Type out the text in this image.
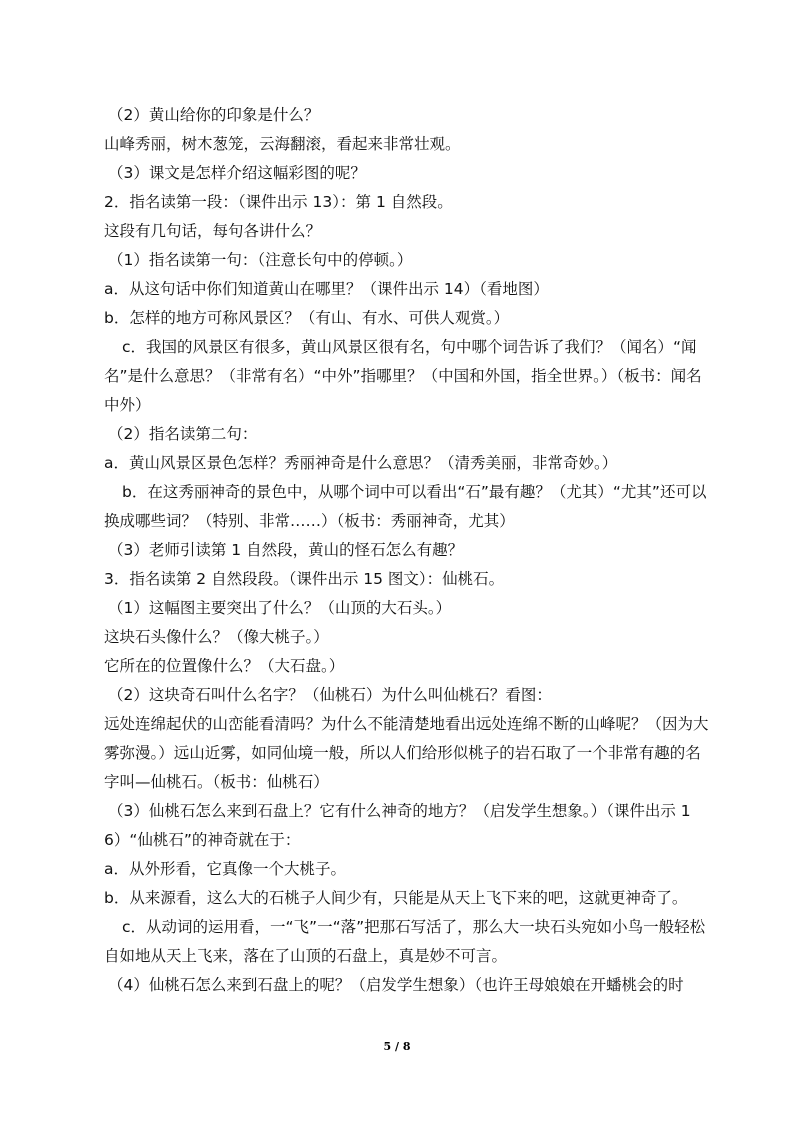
（2）黄山给你的印象是什么？

山峰秀丽，树木葱笼，云海翻滚，看起来非常壮观。

（3）课文是怎样介绍这幅彩图的呢？

2．指名读第一段：（课件出示 13）：第 1 自然段。

这段有几句话，每句各讲什么？

（1）指名读第一句：（注意长句中的停顿。）

a．从这句话中你们知道黄山在哪里？（课件出示 14）（看地图）

b．怎样的地方可称风景区？（有山、有水、可供人观赏。）

c．我国的风景区有很多，黄山风景区很有名，句中哪个词告诉了我们？（闻名）“闻名”是什么意思？（非常有名）“中外”指哪里？（中国和外国，指全世界。）（板书：闻名中外）

（2）指名读第二句：

a．黄山风景区景色怎样？秀丽神奇是什么意思？（清秀美丽，非常奇妙。）

b．在这秀丽神奇的景色中，从哪个词中可以看出“石”最有趣？（尤其）“尤其”还可以换成哪些词？（特别、非常……）（板书：秀丽神奇，尤其）

（3）老师引读第 1 自然段，黄山的怪石怎么有趣？

3．指名读第 2 自然段段。（课件出示 15 图文）：仙桃石。

（1）这幅图主要突出了什么？（山顶的大石头。）

这块石头像什么？（像大桃子。）

它所在的位置像什么？（大石盘。）

（2）这块奇石叫什么名字？（仙桃石）为什么叫仙桃石？看图：

远处连绵起伏的山峦能看清吗？为什么不能清楚地看出远处连绵不断的山峰呢？（因为大雾弥漫。）远山近雾，如同仙境一般，所以人们给形似桃子的岩石取了一个非常有趣的名字叫—仙桃石。（板书：仙桃石）

（3）仙桃石怎么来到石盘上？它有什么神奇的地方？（启发学生想象。）（课件出示 16）“仙桃石”的神奇就在于：

a．从外形看，它真像一个大桃子。

b．从来源看，这么大的石桃子人间少有，只能是从天上飞下来的吧，这就更神奇了。

c．从动词的运用看，一“飞”一“落”把那石写活了，那么大一块石头宛如小鸟一般轻松自如地从天上飞来，落在了山顶的石盘上，真是妙不可言。

（4）仙桃石怎么来到石盘上的呢？（启发学生想象）（也许王母娘娘在开蟠桃会的时

5 / 8
